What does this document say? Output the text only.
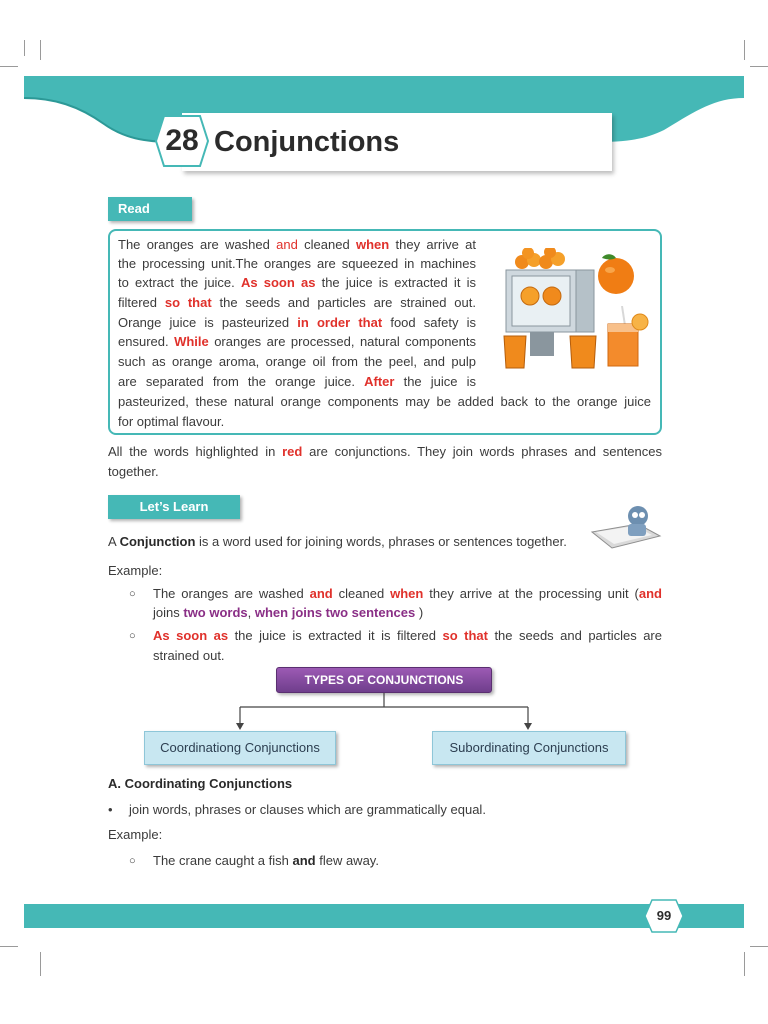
28 Conjunctions
Read
The oranges are washed and cleaned when they arrive at
the processing unit.The oranges are squeezed in machines
to extract the juice. As soon as the juice is extracted it is
filtered so that the seeds and particles are strained out.
Orange juice is pasteurized in order that food safety is
ensured. While oranges are processed, natural components
such as orange aroma, orange oil from the peel, and pulp
are separated from the orange juice. After the juice is
pasteurized, these natural orange components may be added back to the orange juice
for optimal flavour.
All the words highlighted in red are conjunctions. They join words phrases and sentences
together.
Let’s Learn
A Conjunction is a word used for joining words, phrases or sentences together.
Example:
○ The oranges are washed and cleaned when they arrive at the processing unit (and
joins two words, when joins two sentences )
○ As soon as the juice is extracted it is filtered so that the seeds and particles are
strained out.
TYPES OF CONJUNCTIONS
Coordinationg Conjunctions	Subordinating Conjunctions
A. Coordinating Conjunctions
• join words, phrases or clauses which are grammatically equal.
Example:
○ The crane caught a fish and flew away.
99
